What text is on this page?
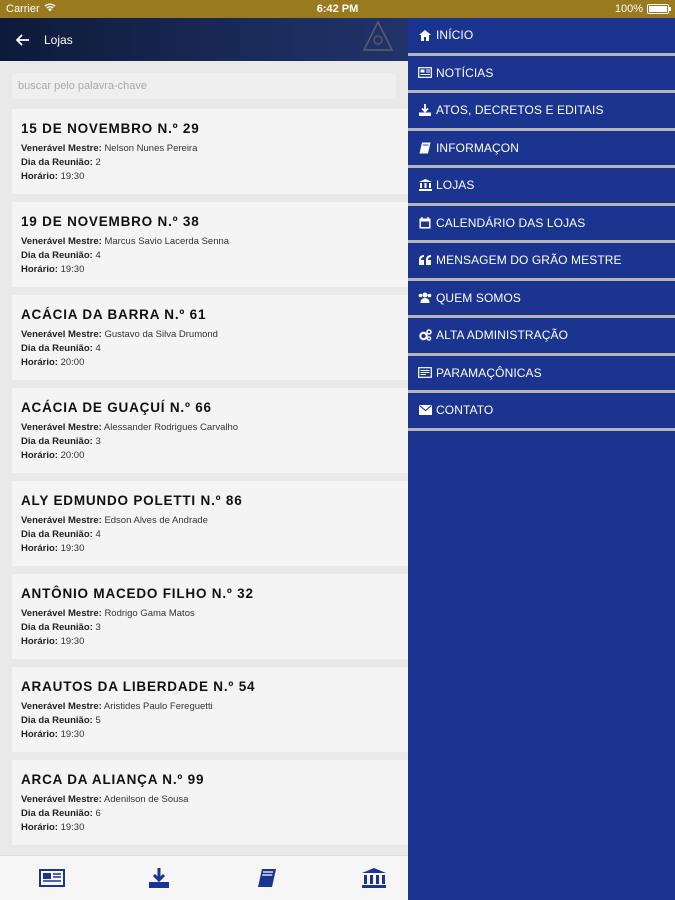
Carrier	6:42 PM	100%
Lojas
buscar pelo palavra-chave
15 DE NOVEMBRO N.º 29
Venerável Mestre: Nelson Nunes Pereira
Dia da Reunião: 2
Horário: 19:30
19 DE NOVEMBRO N.º 38
Venerável Mestre: Marcus Savio Lacerda Senna
Dia da Reunião: 4
Horário: 19:30
ACÁCIA DA BARRA N.º 61
Venerável Mestre: Gustavo da Silva Drumond
Dia da Reunião: 4
Horário: 20:00
ACÁCIA DE GUAÇUÍ N.º 66
Venerável Mestre: Alessander Rodrigues Carvalho
Dia da Reunião: 3
Horário: 20:00
ALY EDMUNDO POLETTI N.º 86
Venerável Mestre: Edson Alves de Andrade
Dia da Reunião: 4
Horário: 19:30
ANTÔNIO MACEDO FILHO N.º 32
Venerável Mestre: Rodrigo Gama Matos
Dia da Reunião: 3
Horário: 19:30
ARAUTOS DA LIBERDADE N.º 54
Venerável Mestre: Aristides Paulo Fereguetti
Dia da Reunião: 5
Horário: 19:30
ARCA DA ALIANÇA N.º 99
Venerável Mestre: Adenilson de Sousa
Dia da Reunião: 6
Horário: 19:30
INÍCIO
NOTÍCIAS
ATOS, DECRETOS E EDITAIS
INFORMAÇON
LOJAS
CALENDÁRIO DAS LOJAS
MENSAGEM DO GRÃO MESTRE
QUEM SOMOS
ALTA ADMINISTRAÇÃO
PARAMAÇÔNICAS
CONTATO
